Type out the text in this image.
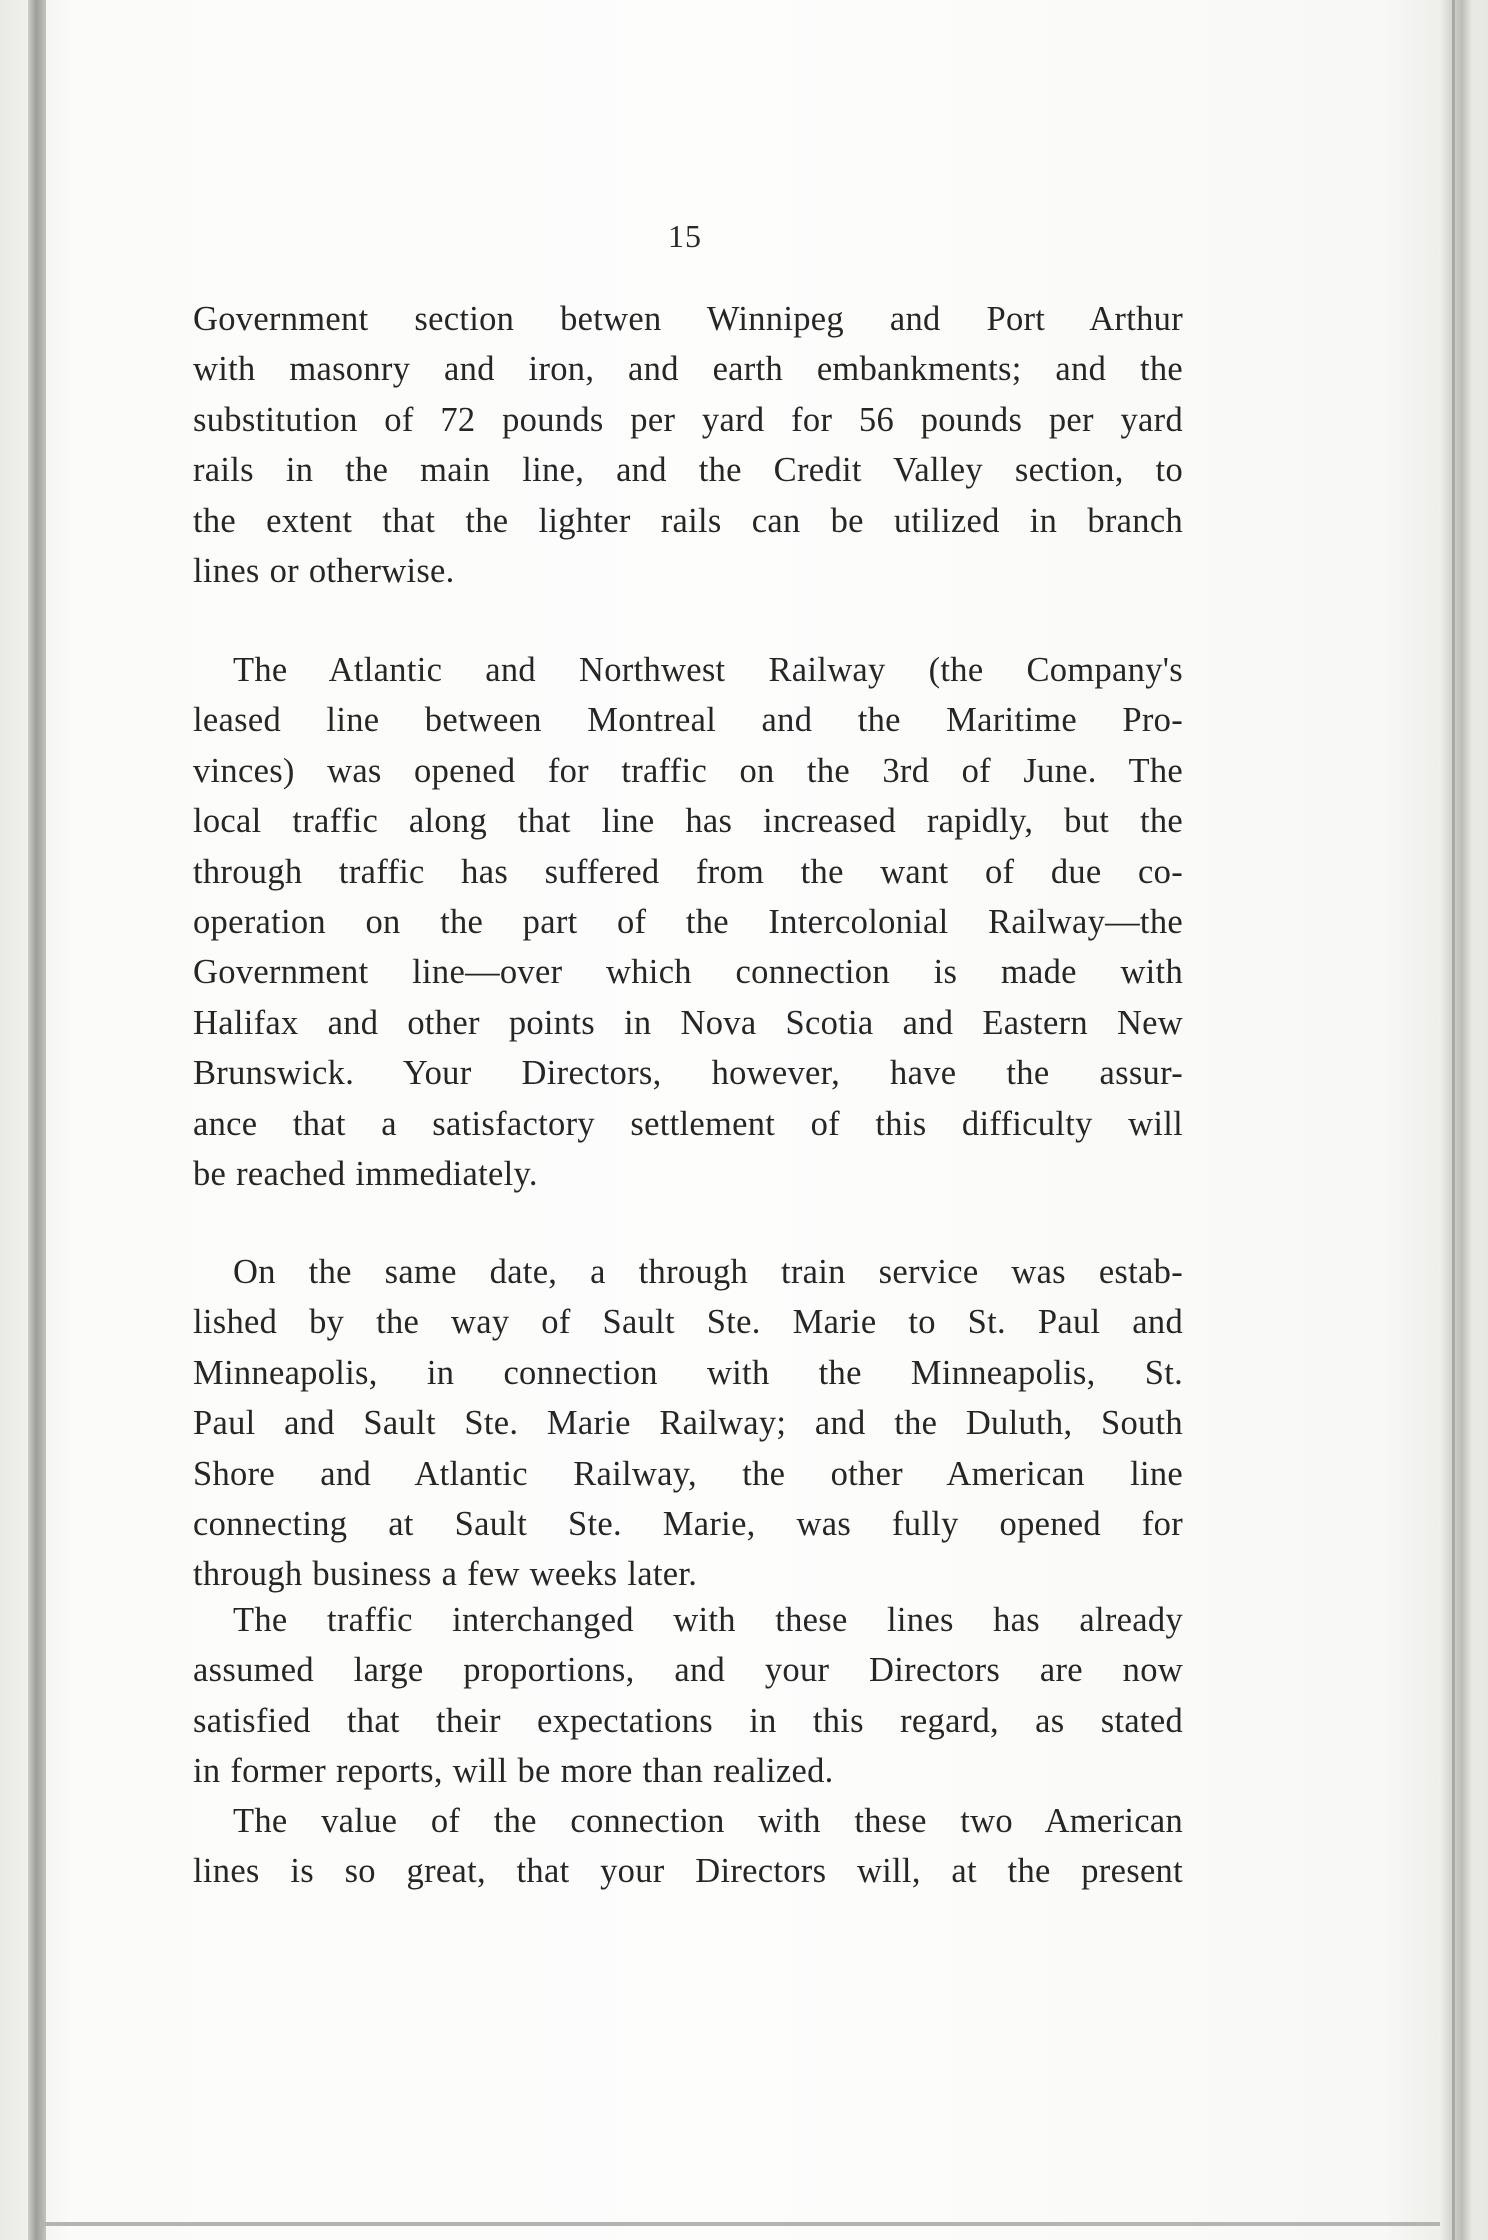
15

Government section betwen Winnipeg and Port Arthur
with masonry and iron, and earth embankments; and the
substitution of 72 pounds per yard for 56 pounds per yard
rails in the main line, and the Credit Valley section, to
the extent that the lighter rails can be utilized in branch
lines or otherwise.

The Atlantic and Northwest Railway (the Company's
leased line between Montreal and the Maritime Pro-
vinces) was opened for traffic on the 3rd of June. The
local traffic along that line has increased rapidly, but the
through traffic has suffered from the want of due co-
operation on the part of the Intercolonial Railway—the
Government line—over which connection is made with
Halifax and other points in Nova Scotia and Eastern New
Brunswick. Your Directors, however, have the assur-
ance that a satisfactory settlement of this difficulty will
be reached immediately.

On the same date, a through train service was estab-
lished by the way of Sault Ste. Marie to St. Paul and
Minneapolis, in connection with the Minneapolis, St.
Paul and Sault Ste. Marie Railway; and the Duluth, South
Shore and Atlantic Railway, the other American line
connecting at Sault Ste. Marie, was fully opened for
through business a few weeks later.

The traffic interchanged with these lines has already
assumed large proportions, and your Directors are now
satisfied that their expectations in this regard, as stated
in former reports, will be more than realized.

The value of the connection with these two American
lines is so great, that your Directors will, at the present
